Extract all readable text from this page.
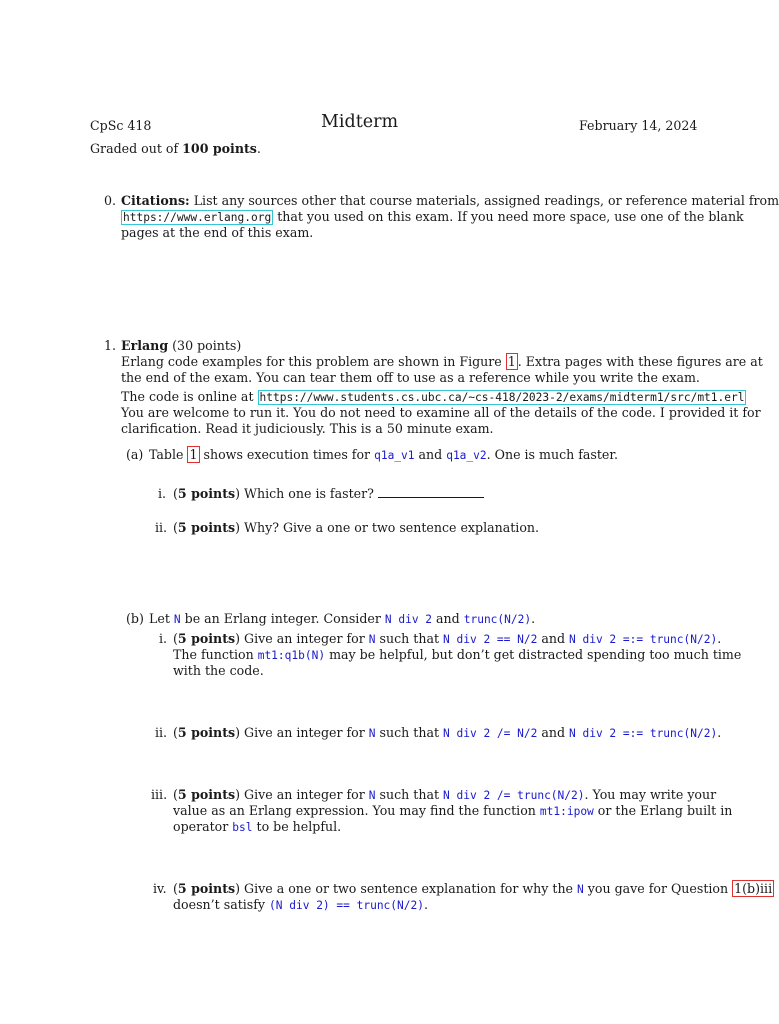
CpSc 418	Midterm	February 14, 2024
Graded out of 100 points.
0. Citations: List any sources other that course materials, assigned readings, or reference material from
https://www.erlang.org that you used on this exam. If you need more space, use one of the blank
pages at the end of this exam.
1. Erlang (30 points)
Erlang code examples for this problem are shown in Figure 1 . Extra pages with these figures are at
the end of the exam. You can tear them off to use as a reference while you write the exam.
The code is online at https://www.students.cs.ubc.ca/~cs-418/2023-2/exams/midterm1/src/mt1.erl
You are welcome to run it. You do not need to examine all of the details of the code. I provided it for
clarification. Read it judiciously. This is a 50 minute exam.
(a) Table 1 shows execution times for q1a_v1 and q1a_v2. One is much faster.
i. (5 points) Which one is faster?
ii. (5 points) Why? Give a one or two sentence explanation.
(b) Let N be an Erlang integer. Consider N div 2 and trunc(N/2).
i. (5 points) Give an integer for N such that N div 2 == N/2 and N div 2 =:= trunc(N/2).
The function mt1:q1b(N) may be helpful, but don’t get distracted spending too much time
with the code.
ii. (5 points) Give an integer for N such that N div 2 /= N/2 and N div 2 =:= trunc(N/2).
iii. (5 points) Give an integer for N such that N div 2 /= trunc(N/2). You may write your
value as an Erlang expression. You may find the function mt1:ipow or the Erlang built in
operator bsl to be helpful.
iv. (5 points) Give a one or two sentence explanation for why the N you gave for Question 1(b)iii
doesn’t satisfy (N div 2) == trunc(N/2).
